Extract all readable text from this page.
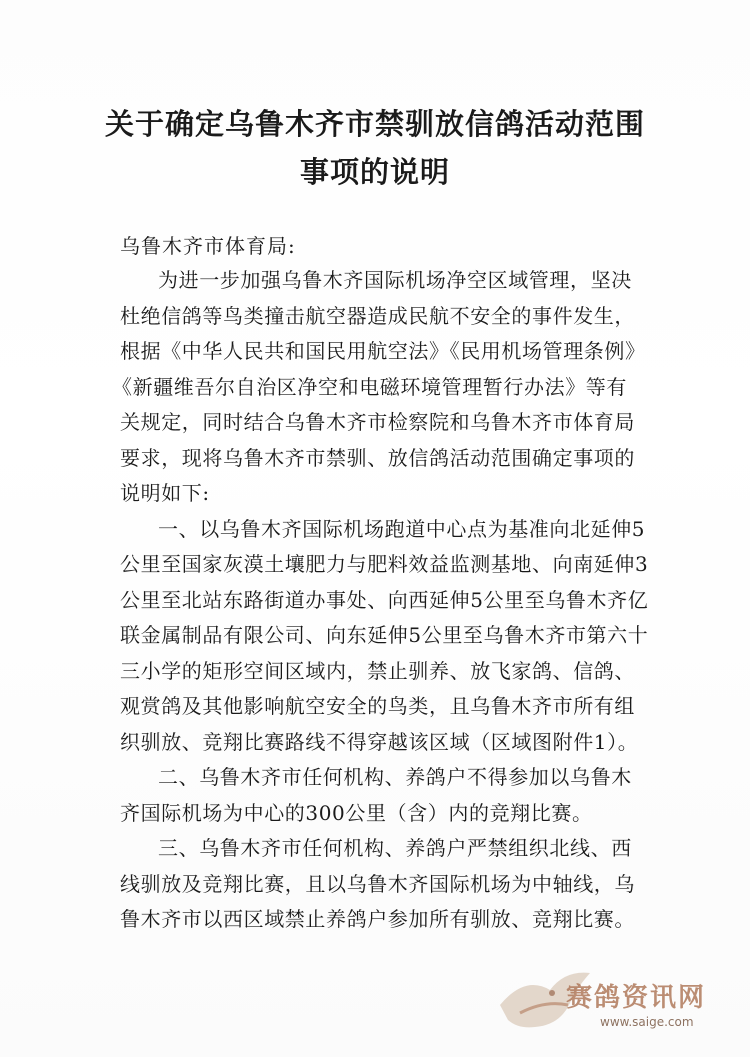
关于确定乌鲁木齐市禁驯放信鸽活动范围
事项的说明
乌鲁木齐市体育局:
为进一步加强乌鲁木齐国际机场净空区域管理，坚决
杜绝信鸽等鸟类撞击航空器造成民航不安全的事件发生，
根据《中华人民共和国民用航空法》《民用机场管理条例》
《新疆维吾尔自治区净空和电磁环境管理暂行办法》等有
关规定，同时结合乌鲁木齐市检察院和乌鲁木齐市体育局
要求，现将乌鲁木齐市禁驯、放信鸽活动范围确定事项的
说明如下:
一、以乌鲁木齐国际机场跑道中心点为基准向北延伸5
公里至国家灰漠土壤肥力与肥料效益监测基地、向南延伸3
公里至北站东路街道办事处、向西延伸5公里至乌鲁木齐亿
联金属制品有限公司、向东延伸5公里至乌鲁木齐市第六十
三小学的矩形空间区域内，禁止驯养、放飞家鸽、信鸽、
观赏鸽及其他影响航空安全的鸟类，且乌鲁木齐市所有组
织驯放、竞翔比赛路线不得穿越该区域（区域图附件1）。
二、乌鲁木齐市任何机构、养鸽户不得参加以乌鲁木
齐国际机场为中心的300公里（含）内的竞翔比赛。
三、乌鲁木齐市任何机构、养鸽户严禁组织北线、西
线驯放及竞翔比赛，且以乌鲁木齐国际机场为中轴线，乌
鲁木齐市以西区域禁止养鸽户参加所有驯放、竞翔比赛。
赛鸽资讯网
www.saige.com
